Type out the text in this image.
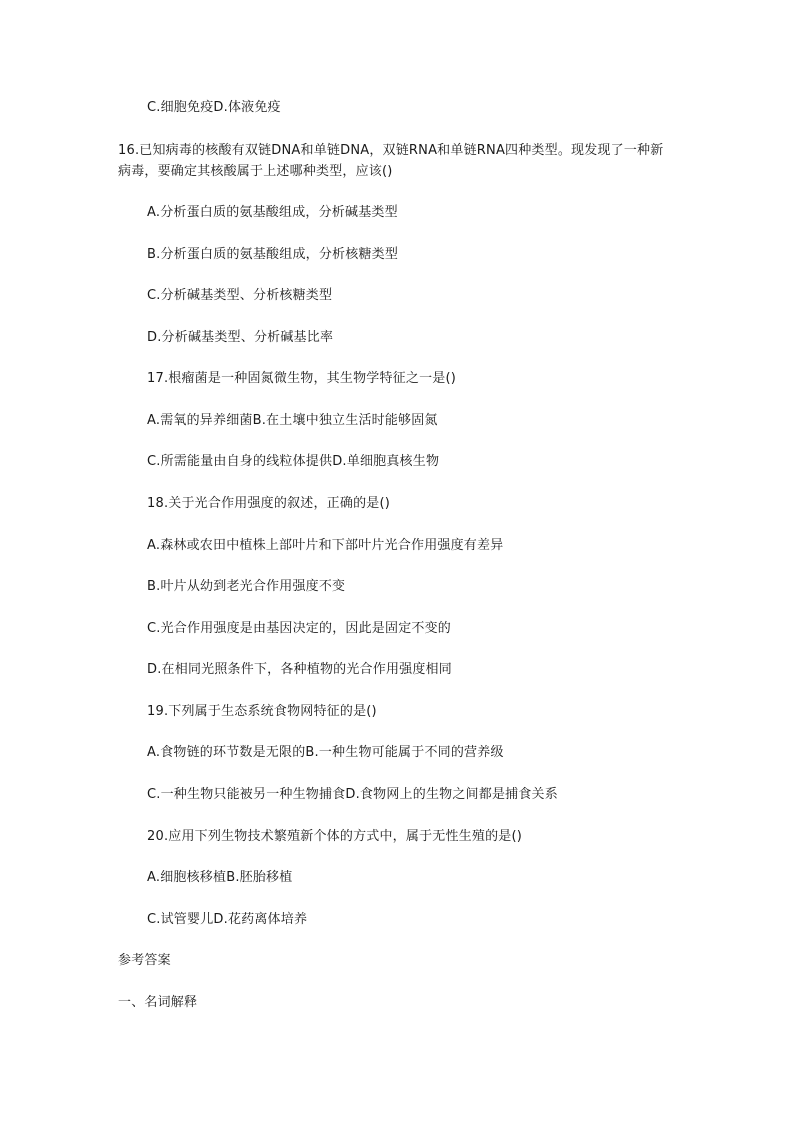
C.细胞免疫D.体液免疫
16.已知病毒的核酸有双链DNA和单链DNA，双链RNA和单链RNA四种类型。现发现了一种新病毒，要确定其核酸属于上述哪种类型，应该()
A.分析蛋白质的氨基酸组成，分析碱基类型
B.分析蛋白质的氨基酸组成，分析核糖类型
C.分析碱基类型、分析核糖类型
D.分析碱基类型、分析碱基比率
17.根瘤菌是一种固氮微生物，其生物学特征之一是()
A.需氧的异养细菌B.在土壤中独立生活时能够固氮
C.所需能量由自身的线粒体提供D.单细胞真核生物
18.关于光合作用强度的叙述，正确的是()
A.森林或农田中植株上部叶片和下部叶片光合作用强度有差异
B.叶片从幼到老光合作用强度不变
C.光合作用强度是由基因决定的，因此是固定不变的
D.在相同光照条件下，各种植物的光合作用强度相同
19.下列属于生态系统食物网特征的是()
A.食物链的环节数是无限的B.一种生物可能属于不同的营养级
C.一种生物只能被另一种生物捕食D.食物网上的生物之间都是捕食关系
20.应用下列生物技术繁殖新个体的方式中，属于无性生殖的是()
A.细胞核移植B.胚胎移植
C.试管婴儿D.花药离体培养
参考答案
一、名词解释
